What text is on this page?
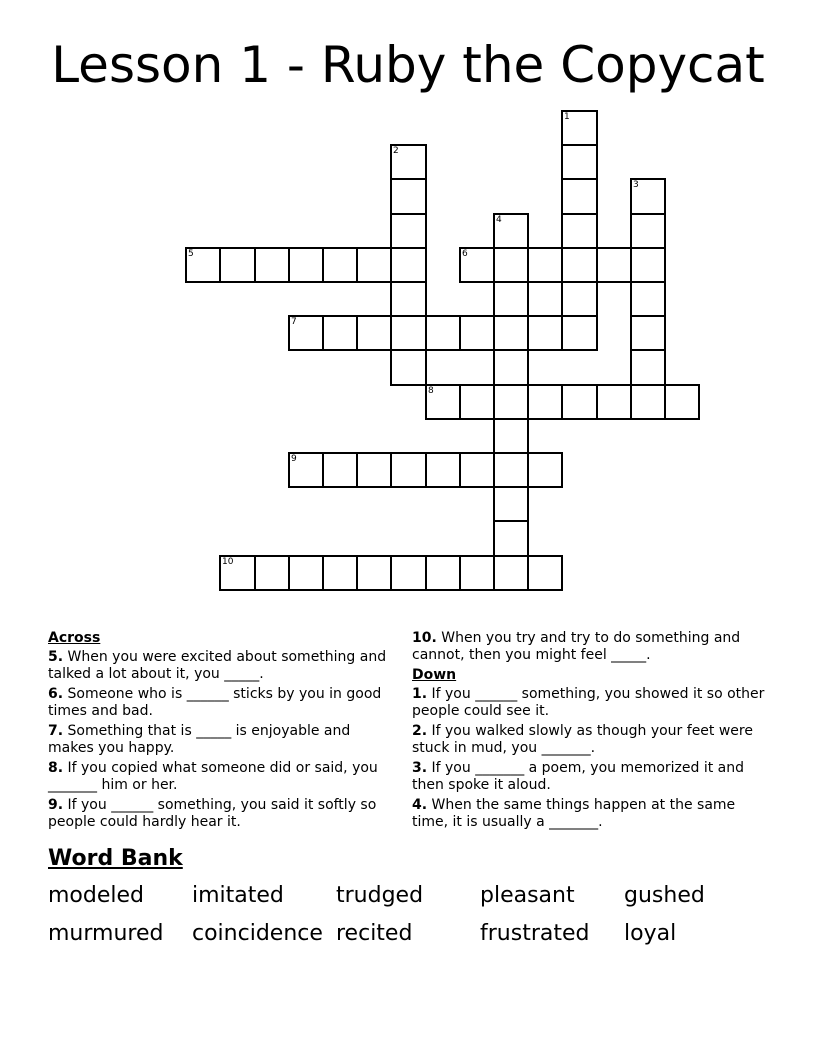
Lesson 1 - Ruby the Copycat
1
2
3
4
5	6
7
8
9
10
Across
5. When you were excited about something and talked a lot about it, you _____.
6. Someone who is ______ sticks by you in good times and bad.
7. Something that is _____ is enjoyable and makes you happy.
8. If you copied what someone did or said, you _______ him or her.
9. If you ______ something, you said it softly so people could hardly hear it.
10. When you try and try to do something and cannot, then you might feel _____.
Down
1. If you ______ something, you showed it so other people could see it.
2. If you walked slowly as though your feet were stuck in mud, you _______.
3. If you _______ a poem, you memorized it and then spoke it aloud.
4. When the same things happen at the same time, it is usually a _______.
Word Bank
modeled imitated trudged	pleasant gushed
murmured coincidence recited	frustrated loyal
